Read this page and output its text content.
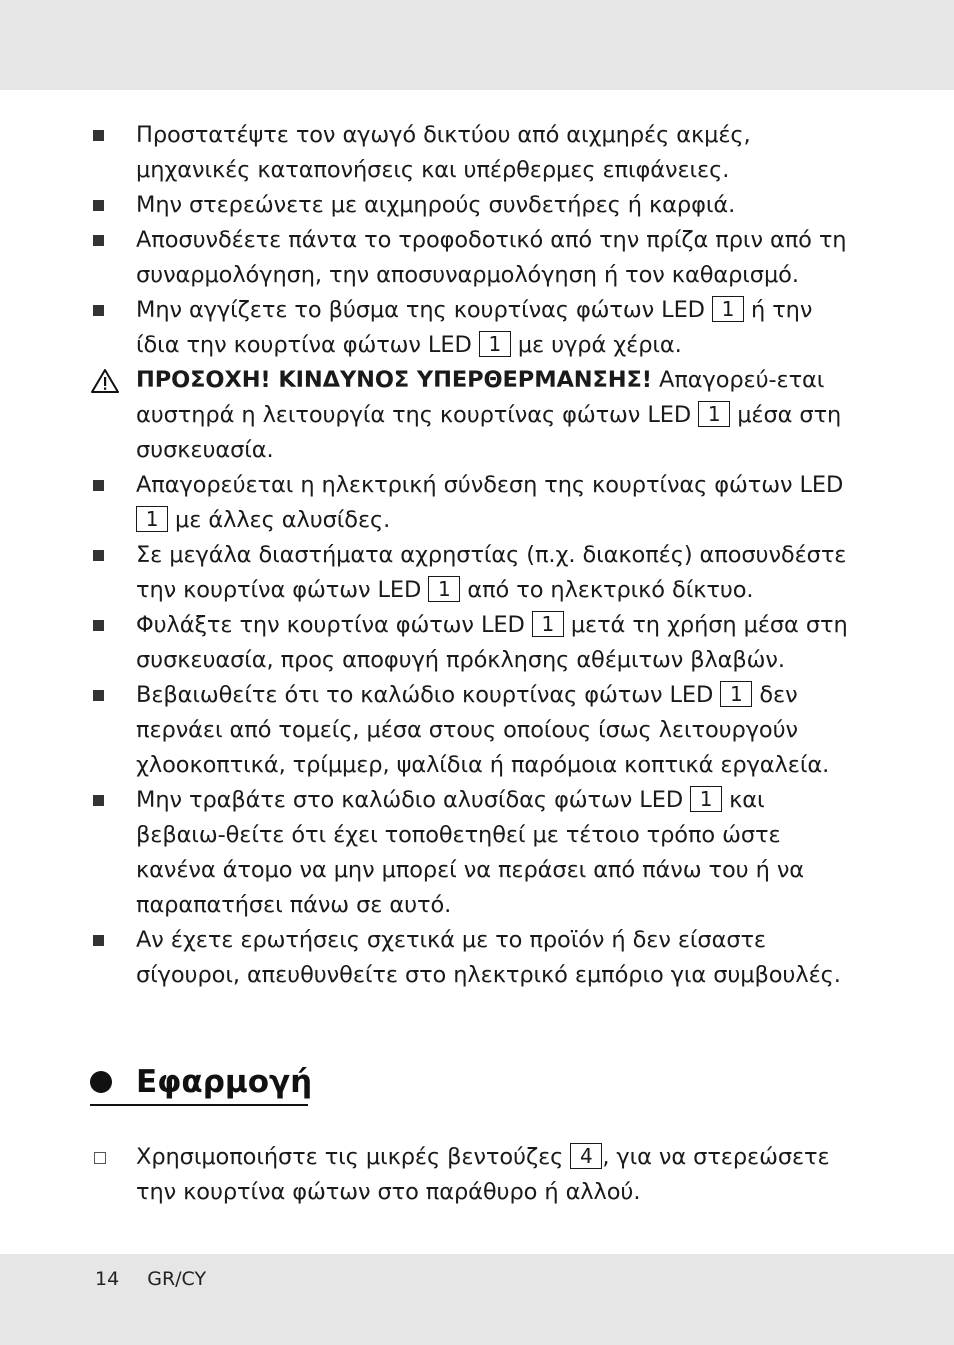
Προστατέψτε τον αγωγό δικτύου από αιχμηρές ακμές, μηχανικές καταπονήσεις και υπέρθερμες επιφάνειες.
Μην στερεώνετε με αιχμηρούς συνδετήρες ή καρφιά.
Αποσυνδέετε πάντα το τροφοδοτικό από την πρίζα πριν από τη συναρμολόγηση, την αποσυναρμολόγηση ή τον καθαρισμό.
Μην αγγίζετε το βύσμα της κουρτίνας φώτων LED 1 ή την ίδια την κουρτίνα φώτων LED 1 με υγρά χέρια.
ΠΡΟΣΟΧΗ! ΚΙΝΔΥΝΟΣ ΥΠΕΡΘΕΡΜΑΝΣΗΣ! Απαγορεύ-εται αυστηρά η λειτουργία της κουρτίνας φώτων LED 1 μέσα στη συσκευασία.
Απαγορεύεται η ηλεκτρική σύνδεση της κουρτίνας φώτων LED 1 με άλλες αλυσίδες.
Σε μεγάλα διαστήματα αχρηστίας (π.χ. διακοπές) αποσυνδέστε την κουρτίνα φώτων LED 1 από το ηλεκτρικό δίκτυο.
Φυλάξτε την κουρτίνα φώτων LED 1 μετά τη χρήση μέσα στη συσκευασία, προς αποφυγή πρόκλησης αθέμιτων βλαβών.
Βεβαιωθείτε ότι το καλώδιο κουρτίνας φώτων LED 1 δεν περνάει από τομείς, μέσα στους οποίους ίσως λειτουργούν χλοοκοπτικά, τρίμμερ, ψαλίδια ή παρόμοια κοπτικά εργαλεία.
Μην τραβάτε στο καλώδιο αλυσίδας φώτων LED 1 και βεβαιω-θείτε ότι έχει τοποθετηθεί με τέτοιο τρόπο ώστε κανένα άτομο να μην μπορεί να περάσει από πάνω του ή να παραπατήσει πάνω σε αυτό.
Αν έχετε ερωτήσεις σχετικά με το προϊόν ή δεν είσαστε σίγουροι, απευθυνθείτε στο ηλεκτρικό εμπόριο για συμβουλές.
Εφαρμογή
Χρησιμοποιήστε τις μικρές βεντούζες 4 , για να στερεώσετε την κουρτίνα φώτων στο παράθυρο ή αλλού.
14 GR/CY
